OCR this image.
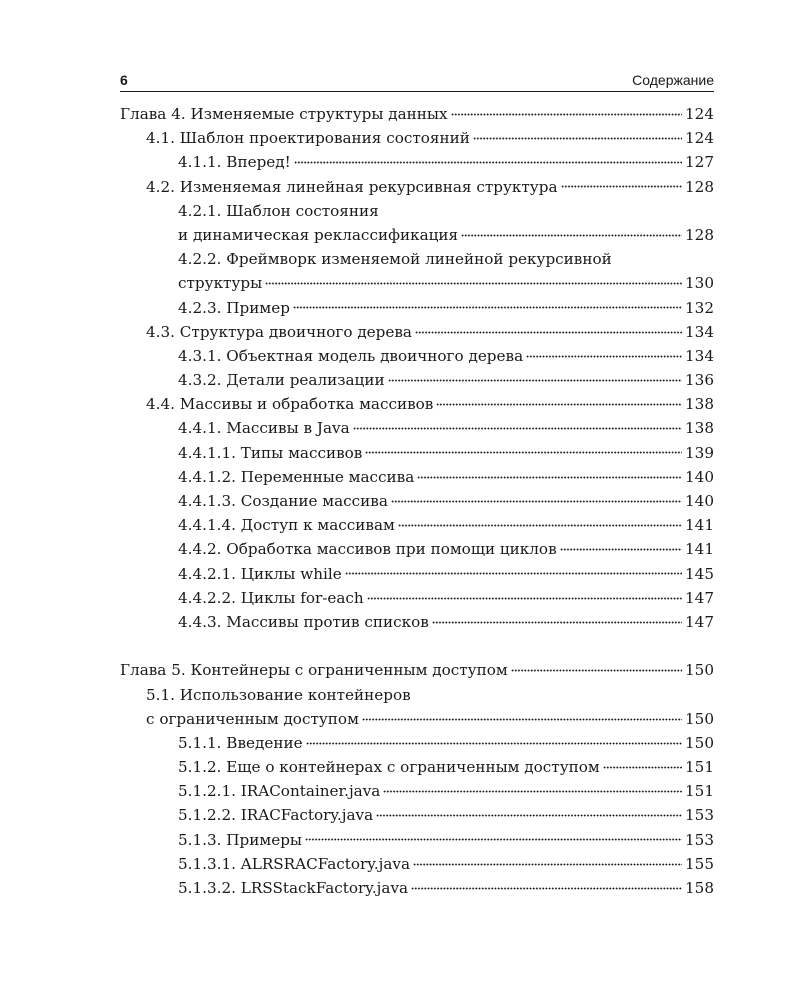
6	Содержание
Глава 4. Изменяемые структуры данных	124
4.1. Шаблон проектирования состояний	124
4.1.1. Вперед!	127
4.2. Изменяемая линейная рекурсивная структура	128
4.2.1. Шаблон состояния
и динамическая реклассификация	128
4.2.2. Фреймворк изменяемой линейной рекурсивной
структуры	130
4.2.3. Пример	132
4.3. Структура двоичного дерева	134
4.3.1. Объектная модель двоичного дерева	134
4.3.2. Детали реализации	136
4.4. Массивы и обработка массивов	138
4.4.1. Массивы в Java	138
4.4.1.1. Типы массивов	139
4.4.1.2. Переменные массива	140
4.4.1.3. Создание массива	140
4.4.1.4. Доступ к массивам	141
4.4.2. Обработка массивов при помощи циклов	141
4.4.2.1. Циклы while	145
4.4.2.2. Циклы for-each	147
4.4.3. Массивы против списков	147
Глава 5. Контейнеры с ограниченным доступом	150
5.1. Использование контейнеров
с ограниченным доступом	150
5.1.1. Введение	150
5.1.2. Еще о контейнерах с ограниченным доступом	151
5.1.2.1. IRAContainer.java	151
5.1.2.2. IRACFactory.java	153
5.1.3. Примеры	153
5.1.3.1. ALRSRACFactory.java	155
5.1.3.2. LRSStackFactory.java	158
